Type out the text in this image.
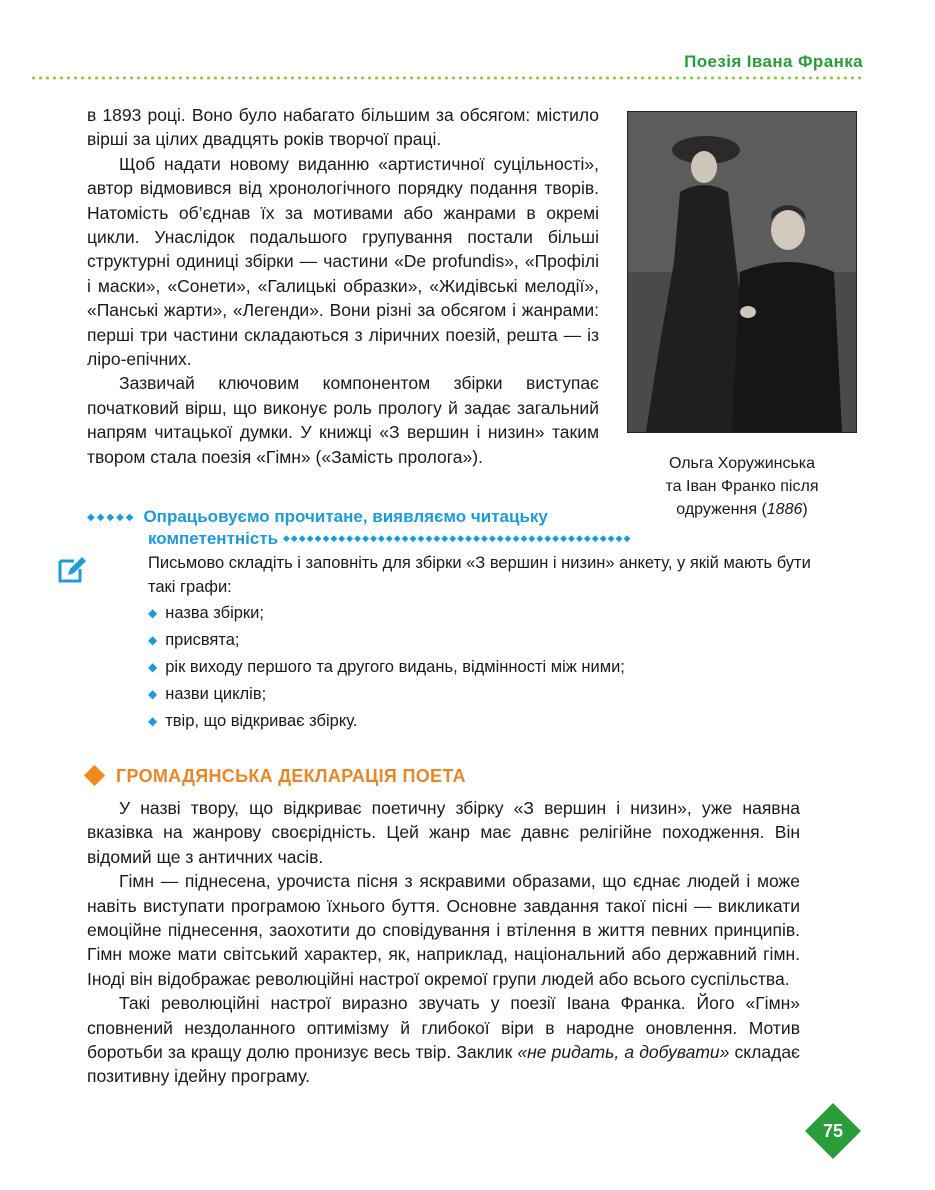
Поезія Івана Франка

в 1893 році. Воно було набагато більшим за обсягом: містило вірші за цілих двадцять років творчої праці.

Щоб надати новому виданню «артистичної суцільності», автор відмовився від хронологічного порядку подання творів. Натомість об’єднав їх за мотивами або жанрами в окремі цикли. Унаслідок подальшого групування постали більші структурні одиниці збірки — частини «De profundis», «Профілі і маски», «Сонети», «Галицькі образки», «Жидівські мелодії», «Панські жарти», «Легенди». Вони різні за обсягом і жанрами: перші три частини складаються з ліричних поезій, решта — із ліро-епічних.

Зазвичай ключовим компонентом збірки виступає початковий вірш, що виконує роль прологу й задає загальний напрям читацької думки. У книжці «З вершин і низин» таким твором стала поезія «Гімн» («Замість пролога»).	Ольга Хоружинська
та Іван Франко після
одруження (1886)
◆◆◆◆◆ Опрацьовуємо прочитане, виявляємо читацьку
компетентність ◆◆◆◆◆◆◆◆◆◆◆◆◆◆◆◆◆◆◆◆◆◆◆◆◆◆◆◆◆◆◆◆◆◆◆◆◆◆◆◆◆◆◆◆

Письмово складіть і заповніть для збірки «З вершин і низин» анкету, у якій мають бути такі графи:

◆ назва збірки;
◆ присвята;
◆ рік виходу першого та другого видань, відмінності між ними;
◆ назви циклів;
◆ твір, що відкриває збірку.
ГРОМАДЯНСЬКА ДЕКЛАРАЦІЯ ПОЕТА

У назві твору, що відкриває поетичну збірку «З вершин і низин», уже наявна вказівка на жанрову своєрідність. Цей жанр має давнє релігійне походження. Він відомий ще з античних часів.

Гімн — піднесена, урочиста пісня з яскравими образами, що єднає людей і може навіть виступати програмою їхнього буття. Основне завдання такої пісні — викликати емоційне піднесення, заохотити до сповідування і втілення в життя певних принципів. Гімн може мати світський характер, як, наприклад, національний або державний гімн. Іноді він відображає революційні настрої окремої групи людей або всього суспільства.

Такі революційні настрої виразно звучать у поезії Івана Франка. Його «Гімн» сповнений нездоланного оптимізму й глибокої віри в народне оновлення. Мотив боротьби за кращу долю пронизує весь твір. Заклик «не ридать, а добувати» складає позитивну ідейну програму.

75
